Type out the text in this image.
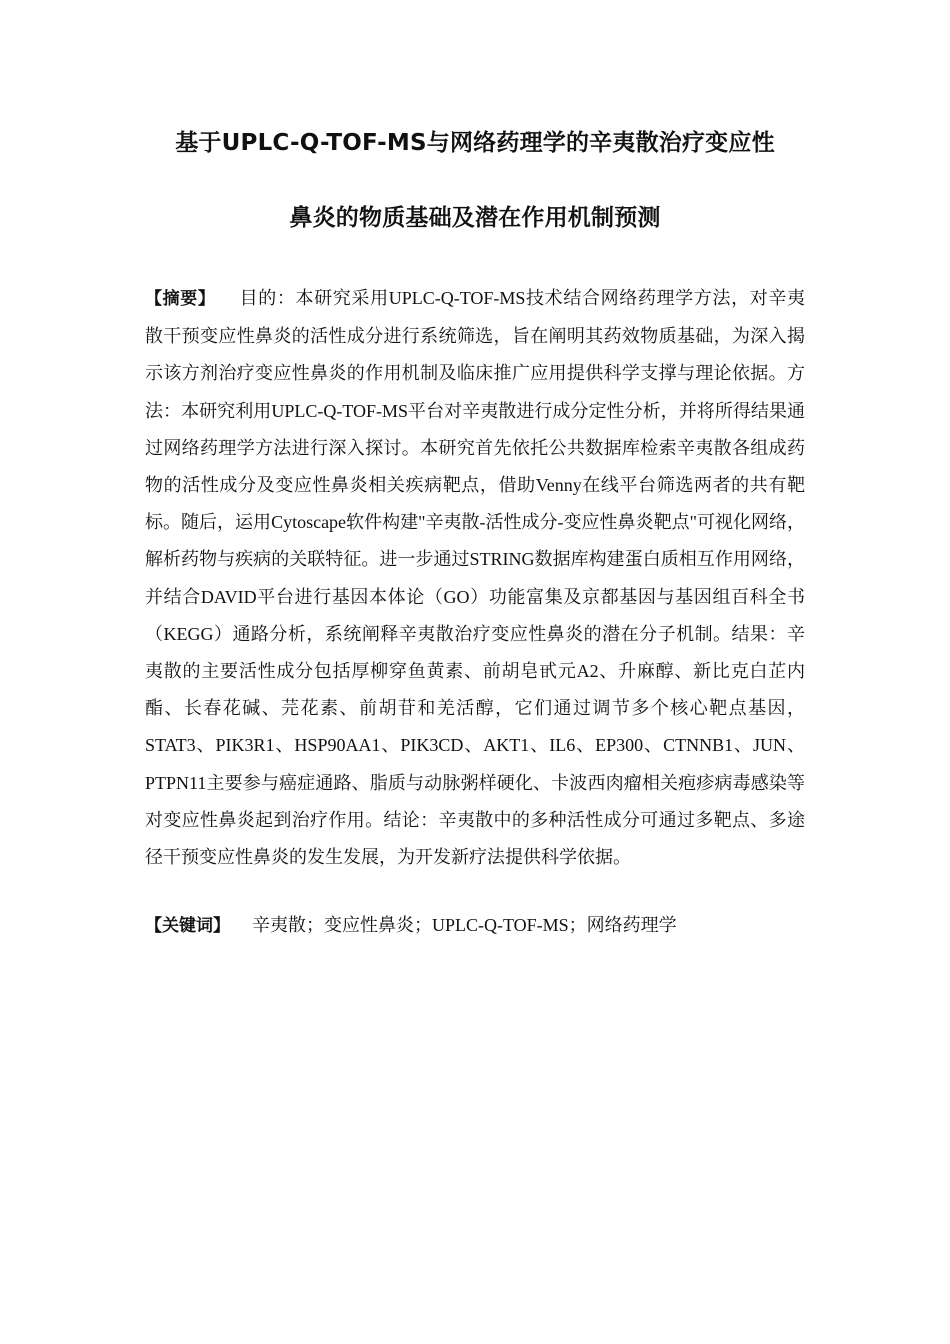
基于UPLC-Q-TOF-MS与网络药理学的辛夷散治疗变应性
鼻炎的物质基础及潜在作用机制预测
【摘要】 目的：本研究采用UPLC-Q-TOF-MS技术结合网络药理学方法，对辛夷散干预变应性鼻炎的活性成分进行系统筛选，旨在阐明其药效物质基础，为深入揭示该方剂治疗变应性鼻炎的作用机制及临床推广应用提供科学支撑与理论依据。方法：本研究利用UPLC-Q-TOF-MS平台对辛夷散进行成分定性分析，并将所得结果通过网络药理学方法进行深入探讨。本研究首先依托公共数据库检索辛夷散各组成药物的活性成分及变应性鼻炎相关疾病靶点，借助Venny在线平台筛选两者的共有靶标。随后，运用Cytoscape软件构建"辛夷散-活性成分-变应性鼻炎靶点"可视化网络，解析药物与疾病的关联特征。进一步通过STRING数据库构建蛋白质相互作用网络，并结合DAVID平台进行基因本体论（GO）功能富集及京都基因与基因组百科全书（KEGG）通路分析，系统阐释辛夷散治疗变应性鼻炎的潜在分子机制。结果：辛夷散的主要活性成分包括厚柳穿鱼黄素、前胡皂甙元A2、升麻醇、新比克白芷内酯、长春花碱、芫花素、前胡苷和羌活醇，它们通过调节多个核心靶点基因，STAT3、PIK3R1、HSP90AA1、PIK3CD、AKT1、IL6、EP300、CTNNB1、JUN、PTPN11主要参与癌症通路、脂质与动脉粥样硬化、卡波西肉瘤相关疱疹病毒感染等对变应性鼻炎起到治疗作用。结论：辛夷散中的多种活性成分可通过多靶点、多途径干预变应性鼻炎的发生发展，为开发新疗法提供科学依据。
【关键词】 辛夷散；变应性鼻炎；UPLC-Q-TOF-MS；网络药理学
